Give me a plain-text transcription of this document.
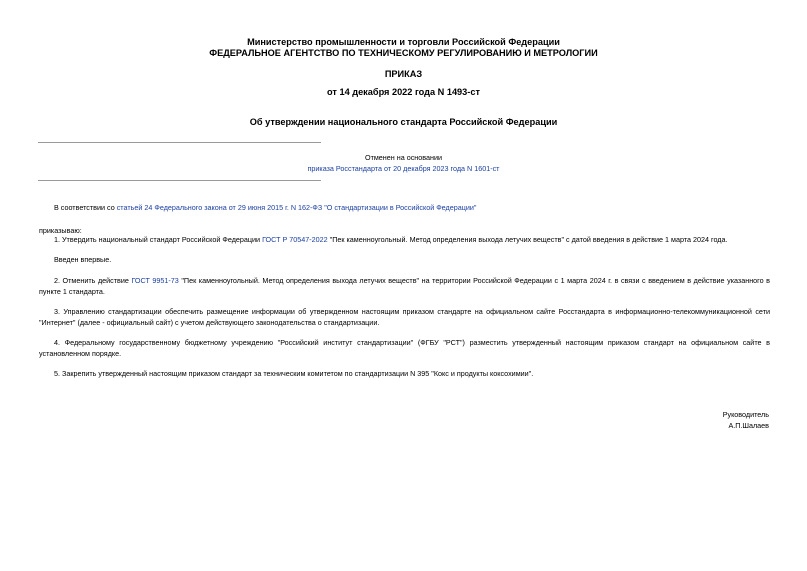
Министерство промышленности и торговли Российской Федерации
ФЕДЕРАЛЬНОЕ АГЕНТСТВО ПО ТЕХНИЧЕСКОМУ РЕГУЛИРОВАНИЮ И МЕТРОЛОГИИ
ПРИКАЗ
от 14 декабря 2022 года N 1493-ст
Об утверждении национального стандарта Российской Федерации
Отменен на основании
приказа Росстандарта от 20 декабря 2023 года N 1601-ст
В соответствии со статьей 24 Федерального закона от 29 июня 2015 г. N 162-ФЗ "О стандартизации в Российской Федерации"
приказываю:
1. Утвердить национальный стандарт Российской Федерации ГОСТ Р 70547-2022 "Пек каменноугольный. Метод определения выхода летучих веществ" с датой введения в действие 1 марта 2024 года.
Введен впервые.
2. Отменить действие ГОСТ 9951-73 "Пек каменноугольный. Метод определения выхода летучих веществ" на территории Российской Федерации с 1 марта 2024 г. в связи с введением в действие указанного в пункте 1 стандарта.
3. Управлению стандартизации обеспечить размещение информации об утвержденном настоящим приказом стандарте на официальном сайте Росстандарта в информационно-телекоммуникационной сети "Интернет" (далее - официальный сайт) с учетом действующего законодательства о стандартизации.
4. Федеральному государственному бюджетному учреждению "Российский институт стандартизации" (ФГБУ "РСТ") разместить утвержденный настоящим приказом стандарт на официальном сайте в установленном порядке.
5. Закрепить утвержденный настоящим приказом стандарт за техническим комитетом по стандартизации N 395 "Кокс и продукты коксохимии".
Руководитель
А.П.Шалаев
